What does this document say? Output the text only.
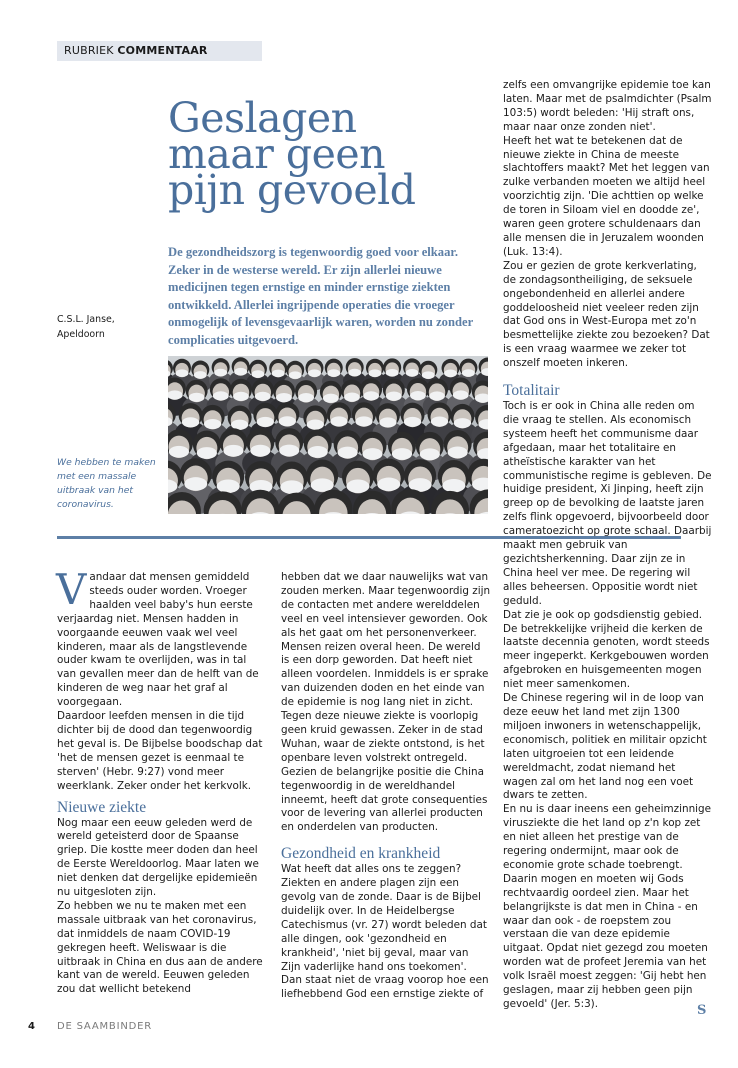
RUBRIEK COMMENTAAR
Geslagen
maar geen
pijn gevoeld
De gezondheidszorg is tegenwoordig goed voor elkaar. Zeker in de westerse wereld. Er zijn allerlei nieuwe medicijnen tegen ernstige en minder ernstige ziekten ontwikkeld. Allerlei ingrijpende operaties die vroeger onmogelijk of levensgevaarlijk waren, worden nu zonder complicaties uitgevoerd.
C.S.L. Janse,
Apeldoorn
We hebben te maken met een massale uitbraak van het coronavirus.

Vandaar dat mensen gemiddeld steeds ouder worden. Vroeger haalden veel baby's hun eerste verjaardag niet. Mensen hadden in voorgaande eeuwen vaak wel veel kinderen, maar als de langstlevende ouder kwam te overlijden, was in tal van gevallen meer dan de helft van de kinderen de weg naar het graf al voorgegaan.

Daardoor leefden mensen in die tijd dichter bij de dood dan tegenwoordig het geval is. De Bijbelse boodschap dat 'het de mensen gezet is eenmaal te sterven' (Hebr. 9:27) vond meer weerklank. Zeker onder het kerkvolk.

Nieuwe ziekte

Nog maar een eeuw geleden werd de wereld geteisterd door de Spaanse griep. Die kostte meer doden dan heel de Eerste Wereldoorlog. Maar laten we niet denken dat dergelijke epidemieën nu uitgesloten zijn.

Zo hebben we nu te maken met een massale uitbraak van het coronavirus, dat inmiddels de naam COVID-19 gekregen heeft. Weliswaar is die uitbraak in China en dus aan de andere kant van de wereld. Eeuwen geleden zou dat wellicht betekend

hebben dat we daar nauwelijks wat van zouden merken. Maar tegenwoordig zijn de contacten met andere werelddelen veel en veel intensiever geworden. Ook als het gaat om het personenverkeer. Mensen reizen overal heen. De wereld is een dorp geworden. Dat heeft niet alleen voordelen. Inmiddels is er sprake van duizenden doden en het einde van de epidemie is nog lang niet in zicht. Tegen deze nieuwe ziekte is voorlopig geen kruid gewassen. Zeker in de stad Wuhan, waar de ziekte ontstond, is het openbare leven volstrekt ontregeld. Gezien de belangrijke positie die China tegenwoordig in de wereldhandel inneemt, heeft dat grote consequenties voor de levering van allerlei producten en onderdelen van producten.

Gezondheid en krankheid

Wat heeft dat alles ons te zeggen? Ziekten en andere plagen zijn een gevolg van de zonde. Daar is de Bijbel duidelijk over. In de Heidelbergse Catechismus (vr. 27) wordt beleden dat alle dingen, ook 'gezondheid en krankheid', 'niet bij geval, maar van Zijn vaderlijke hand ons toekomen'.

Dan staat niet de vraag voorop hoe een liefhebbend God een ernstige ziekte of

zelfs een omvangrijke epidemie toe kan laten. Maar met de psalmdichter (Psalm 103:5) wordt beleden: 'Hij straft ons, maar naar onze zonden niet'.

Heeft het wat te betekenen dat de nieuwe ziekte in China de meeste slachtoffers maakt? Met het leggen van zulke verbanden moeten we altijd heel voorzichtig zijn. 'Die achttien op welke de toren in Siloam viel en doodde ze', waren geen grotere schuldenaars dan alle mensen die in Jeruzalem woonden (Luk. 13:4).

Zou er gezien de grote kerkverlating, de zondagsontheiliging, de seksuele ongebondenheid en allerlei andere goddeloosheid niet veeleer reden zijn dat God ons in West-Europa met zo'n besmettelijke ziekte zou bezoeken? Dat is een vraag waarmee we zeker tot onszelf moeten inkeren.

Totalitair

Toch is er ook in China alle reden om die vraag te stellen. Als economisch systeem heeft het communisme daar afgedaan, maar het totalitaire en atheïstische karakter van het communistische regime is gebleven. De huidige president, Xi Jinping, heeft zijn greep op de bevolking de laatste jaren zelfs flink opgevoerd, bijvoorbeeld door cameratoezicht op grote schaal. Daarbij maakt men gebruik van gezichtsherkenning. Daar zijn ze in China heel ver mee. De regering wil alles beheersen. Oppositie wordt niet geduld.

Dat zie je ook op godsdienstig gebied. De betrekkelijke vrijheid die kerken de laatste decennia genoten, wordt steeds meer ingeperkt. Kerkgebouwen worden afgebroken en huisgemeenten mogen niet meer samenkomen.

De Chinese regering wil in de loop van deze eeuw het land met zijn 1300 miljoen inwoners in wetenschappelijk, economisch, politiek en militair opzicht laten uitgroeien tot een leidende wereldmacht, zodat niemand het wagen zal om het land nog een voet dwars te zetten.

En nu is daar ineens een geheimzinnige virusziekte die het land op z'n kop zet en niet alleen het prestige van de regering ondermijnt, maar ook de economie grote schade toebrengt. Daarin mogen en moeten wij Gods rechtvaardig oordeel zien. Maar het belangrijkste is dat men in China - en waar dan ook - de roepstem zou verstaan die van deze epidemie uitgaat. Opdat niet gezegd zou moeten worden wat de profeet Jeremia van het volk Israël moest zeggen: 'Gij hebt hen geslagen, maar zij hebben geen pijn gevoeld' (Jer. 5:3).	S
4 DE SAAMBINDER
